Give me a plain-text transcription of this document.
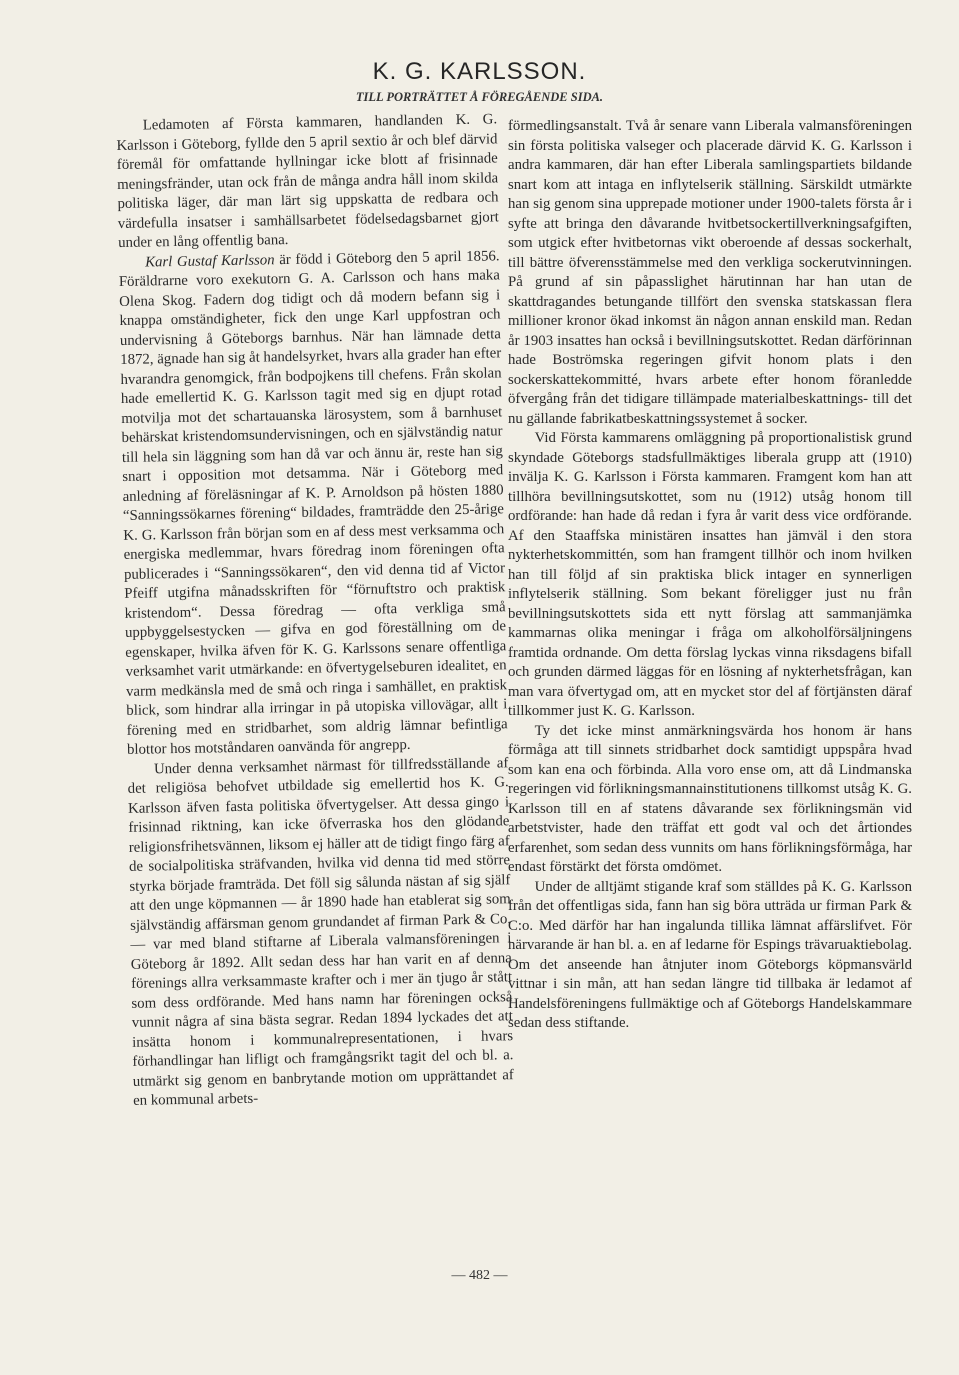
K. G. KARLSSON.
TILL PORTRÄTTET Å FÖREGÅENDE SIDA.

Ledamoten af Första kammaren, handlanden K. G. Karlsson i Göteborg, fyllde den 5 april sextio år och blef därvid föremål för omfattande hyllningar icke blott af frisinnade meningsfränder, utan ock från de många andra håll inom skilda politiska läger, där man lärt sig uppskatta de redbara och värdefulla insatser i samhällsarbetet födelsedagsbarnet gjort under en lång offentlig bana.

Karl Gustaf Karlsson är född i Göteborg den 5 april 1856. Föräldrarne voro exekutorn G. A. Carlsson och hans maka Olena Skog. Fadern dog tidigt och då modern befann sig i knappa omständigheter, fick den unge Karl uppfostran och undervisning å Göteborgs barnhus. När han lämnade detta 1872, ägnade han sig åt handelsyrket, hvars alla grader han efter hvarandra genomgick, från bodpojkens till chefens. Från skolan hade emellertid K. G. Karlsson tagit med sig en djupt rotad motvilja mot det schartauanska lärosystem, som å barnhuset behärskat kristendomsundervisningen, och en självständig natur till hela sin läggning som han då var och ännu är, reste han sig snart i opposition mot detsamma. När i Göteborg med anledning af föreläsningar af K. P. Arnoldson på hösten 1880 “Sanningssökarnes förening“ bildades, framträdde den 25-årige K. G. Karlsson från början som en af dess mest verksamma och energiska medlemmar, hvars föredrag inom föreningen ofta publicerades i “Sanningssökaren“, den vid denna tid af Victor Pfeiff utgifna månadsskriften för “förnuftstro och praktisk kristendom“. Dessa föredrag — ofta verkliga små uppbyggelsestycken — gifva en god föreställning om de egenskaper, hvilka äfven för K. G. Karlssons senare offentliga verksamhet varit utmärkande: en öfvertygelseburen idealitet, en varm medkänsla med de små och ringa i samhället, en praktisk blick, som hindrar alla irringar in på utopiska villovägar, allt i förening med en stridbarhet, som aldrig lämnar befintliga blottor hos motståndaren oanvända för angrepp.

Under denna verksamhet närmast för tillfredsställande af det religiösa behofvet utbildade sig emellertid hos K. G. Karlsson äfven fasta politiska öfvertygelser. Att dessa gingo i frisinnad riktning, kan icke öfverraska hos den glödande religionsfrihetsvännen, liksom ej häller att de tidigt fingo färg af de socialpolitiska sträfvanden, hvilka vid denna tid med större styrka började framträda. Det föll sig sålunda nästan af sig själf att den unge köpmannen — år 1890 hade han etablerat sig som självständig affärsman genom grundandet af firman Park & Co. — var med bland stiftarne af Liberala valmansföreningen i Göteborg år 1892. Allt sedan dess har han varit en af denna förenings allra verksammaste krafter och i mer än tjugo år stått som dess ordförande. Med hans namn har föreningen också vunnit några af sina bästa segrar. Redan 1894 lyckades det att insätta honom i kommunalrepresentationen, i hvars förhandlingar han lifligt och framgångsrikt tagit del och bl. a. utmärkt sig genom en banbrytande motion om upprättandet af en kommunal arbets-

förmedlingsanstalt. Två år senare vann Liberala valmansföreningen sin första politiska valseger och placerade därvid K. G. Karlsson i andra kammaren, där han efter Liberala samlingspartiets bildande snart kom att intaga en inflytelserik ställning. Särskildt utmärkte han sig genom sina upprepade motioner under 1900-talets första år i syfte att bringa den dåvarande hvitbetsockertillverkningsafgiften, som utgick efter hvitbetornas vikt oberoende af dessas sockerhalt, till bättre öfverensstämmelse med den verkliga sockerutvinningen. På grund af sin påpasslighet härutinnan har han utan de skattdragandes betungande tillfört den svenska statskassan flera millioner kronor ökad inkomst än någon annan enskild man. Redan år 1903 insattes han också i bevillningsutskottet. Redan därförinnan hade Boströmska regeringen gifvit honom plats i den sockerskattekommitté, hvars arbete efter honom föranledde öfvergång från det tidigare tillämpade materialbeskattnings- till det nu gällande fabrikatbeskattningssystemet å socker.

Vid Första kammarens omläggning på proportionalistisk grund skyndade Göteborgs stadsfullmäktiges liberala grupp att (1910) invälja K. G. Karlsson i Första kammaren. Framgent kom han att tillhöra bevillningsutskottet, som nu (1912) utsåg honom till ordförande: han hade då redan i fyra år varit dess vice ordförande. Af den Staaffska ministären insattes han jämväl i den stora nykterhetskommittén, som han framgent tillhör och inom hvilken han till följd af sin praktiska blick intager en synnerligen inflytelserik ställning. Som bekant föreligger just nu från bevillningsutskottets sida ett nytt förslag att sammanjämka kammarnas olika meningar i fråga om alkoholförsäljningens framtida ordnande. Om detta förslag lyckas vinna riksdagens bifall och grunden därmed läggas för en lösning af nykterhetsfrågan, kan man vara öfvertygad om, att en mycket stor del af förtjänsten däraf tillkommer just K. G. Karlsson.

Ty det icke minst anmärkningsvärda hos honom är hans förmåga att till sinnets stridbarhet dock samtidigt uppspåra hvad som kan ena och förbinda. Alla voro ense om, att då Lindmanska regeringen vid förlikningsmannainstitutionens tillkomst utsåg K. G. Karlsson till en af statens dåvarande sex förlikningsmän vid arbetstvister, hade den träffat ett godt val och det årtiondes erfarenhet, som sedan dess vunnits om hans förlikningsförmåga, har endast förstärkt det första omdömet.

Under de alltjämt stigande kraf som ställdes på K. G. Karlsson från det offentligas sida, fann han sig böra utträda ur firman Park & C:o. Med därför har han ingalunda tillika lämnat affärslifvet. För närvarande är han bl. a. en af ledarne för Espings trävaruaktiebolag. Om det anseende han åtnjuter inom Göteborgs köpmansvärld vittnar i sin mån, att han sedan längre tid tillbaka är ledamot af Handelsföreningens fullmäktige och af Göteborgs Handelskammare sedan dess stiftande.

— 482 —
